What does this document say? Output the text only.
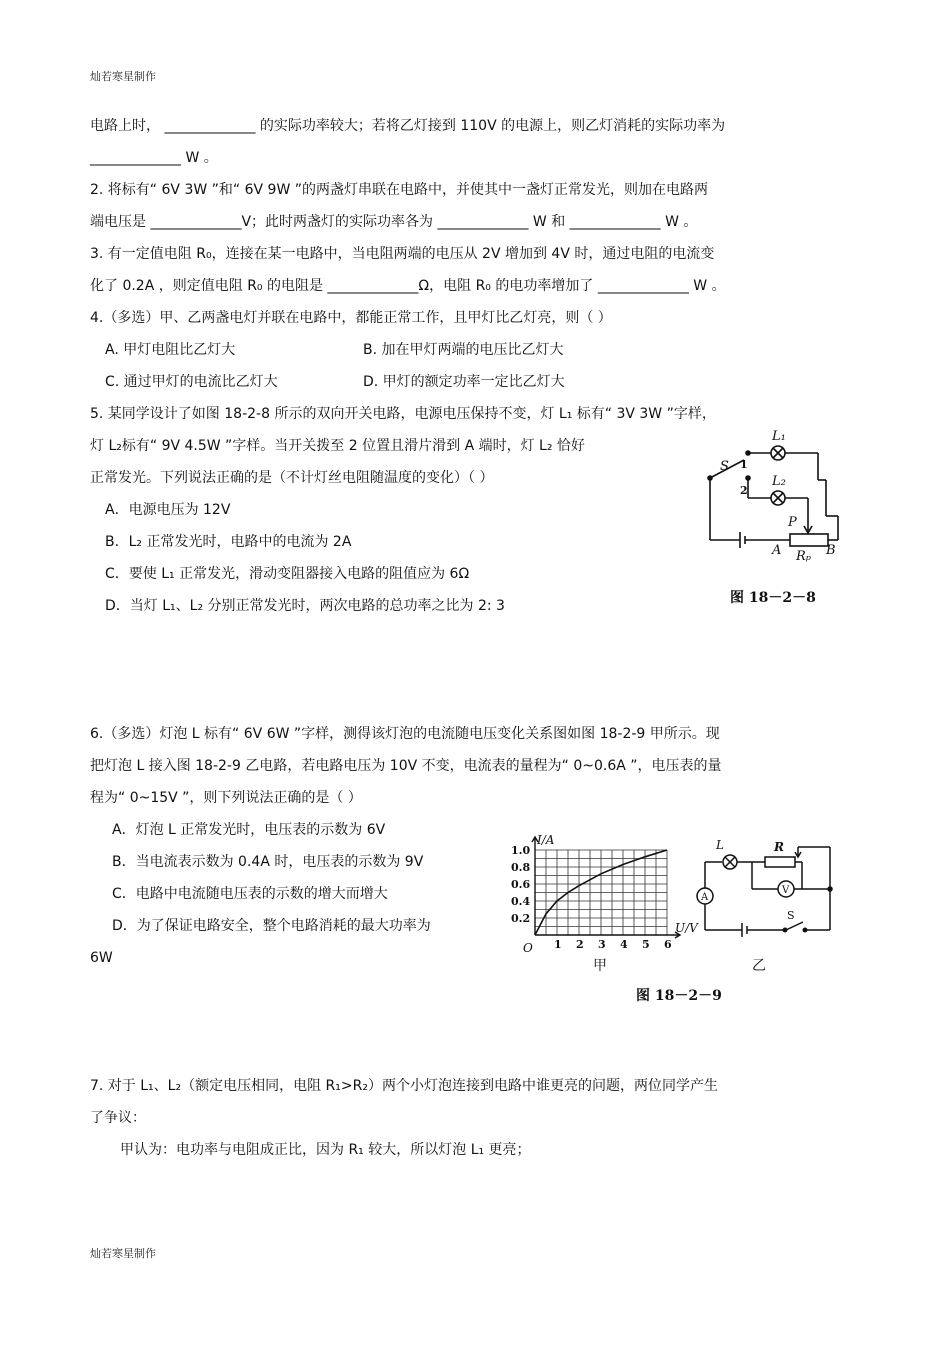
灿若寒星制作
灿若寒星制作
电路上时， _____________ 的实际功率较大；若将乙灯接到 110V 的电源上，则乙灯消耗的实际功率为
_____________ W 。
2. 将标有“ 6V 3W ”和“ 6V 9W ”的两盏灯串联在电路中，并使其中一盏灯正常发光，则加在电路两
端电压是 _____________V；此时两盏灯的实际功率各为 _____________ W 和 _____________ W 。
3. 有一定值电阻 R₀，连接在某一电路中，当电阻两端的电压从 2V 增加到 4V 时，通过电阻的电流变
化了 0.2A ，则定值电阻 R₀ 的电阻是 _____________Ω，电阻 R₀ 的电功率增加了 _____________ W 。
4.（多选）甲、乙两盏电灯并联在电路中，都能正常工作，且甲灯比乙灯亮，则（ ）
A. 甲灯电阻比乙灯大	B. 加在甲灯两端的电压比乙灯大
C. 通过甲灯的电流比乙灯大	D. 甲灯的额定功率一定比乙灯大
5. 某同学设计了如图 18-2-8 所示的双向开关电路，电源电压保持不变，灯 L₁ 标有“ 3V 3W ”字样，
灯 L₂标有“ 9V 4.5W ”字样。当开关拨至 2 位置且滑片滑到 A 端时，灯 L₂ 恰好
正常发光。下列说法正确的是（不计灯丝电阻随温度的变化）（ ）
A．电源电压为 12V
B．L₂ 正常发光时，电路中的电流为 2A
C．要使 L₁ 正常发光，滑动变阻器接入电路的阻值应为 6Ω
D．当灯 L₁、L₂ 分别正常发光时，两次电路的总功率之比为 2: 3
6.（多选）灯泡 L 标有“ 6V 6W ”字样，测得该灯泡的电流随电压变化关系图如图 18-2-9 甲所示。现
把灯泡 L 接入图 18-2-9 乙电路，若电路电压为 10V 不变，电流表的量程为“ 0~0.6A ”，电压表的量
程为“ 0~15V ”，则下列说法正确的是（ ）
A．灯泡 L 正常发光时，电压表的示数为 6V
B．当电流表示数为 0.4A 时，电压表的示数为 9V
C．电路中电流随电压表的示数的增大而增大
D．为了保证电路安全，整个电路消耗的最大功率为
6W
7. 对于 L₁、L₂（额定电压相同，电阻 R₁>R₂）两个小灯泡连接到电路中谁更亮的问题，两位同学产生
了争议：
甲认为：电功率与电阻成正比，因为 R₁ 较大，所以灯泡 L₁ 更亮；
S 1
2
L₁
L₂
P
A	B
Rₚ
图 18－2－8
1 2 3 4 5 6
0.2
0.4
0.6
0.8
1.0
I/A
U/V
O
甲
L	R
V
A
S
乙
图 18－2－9
